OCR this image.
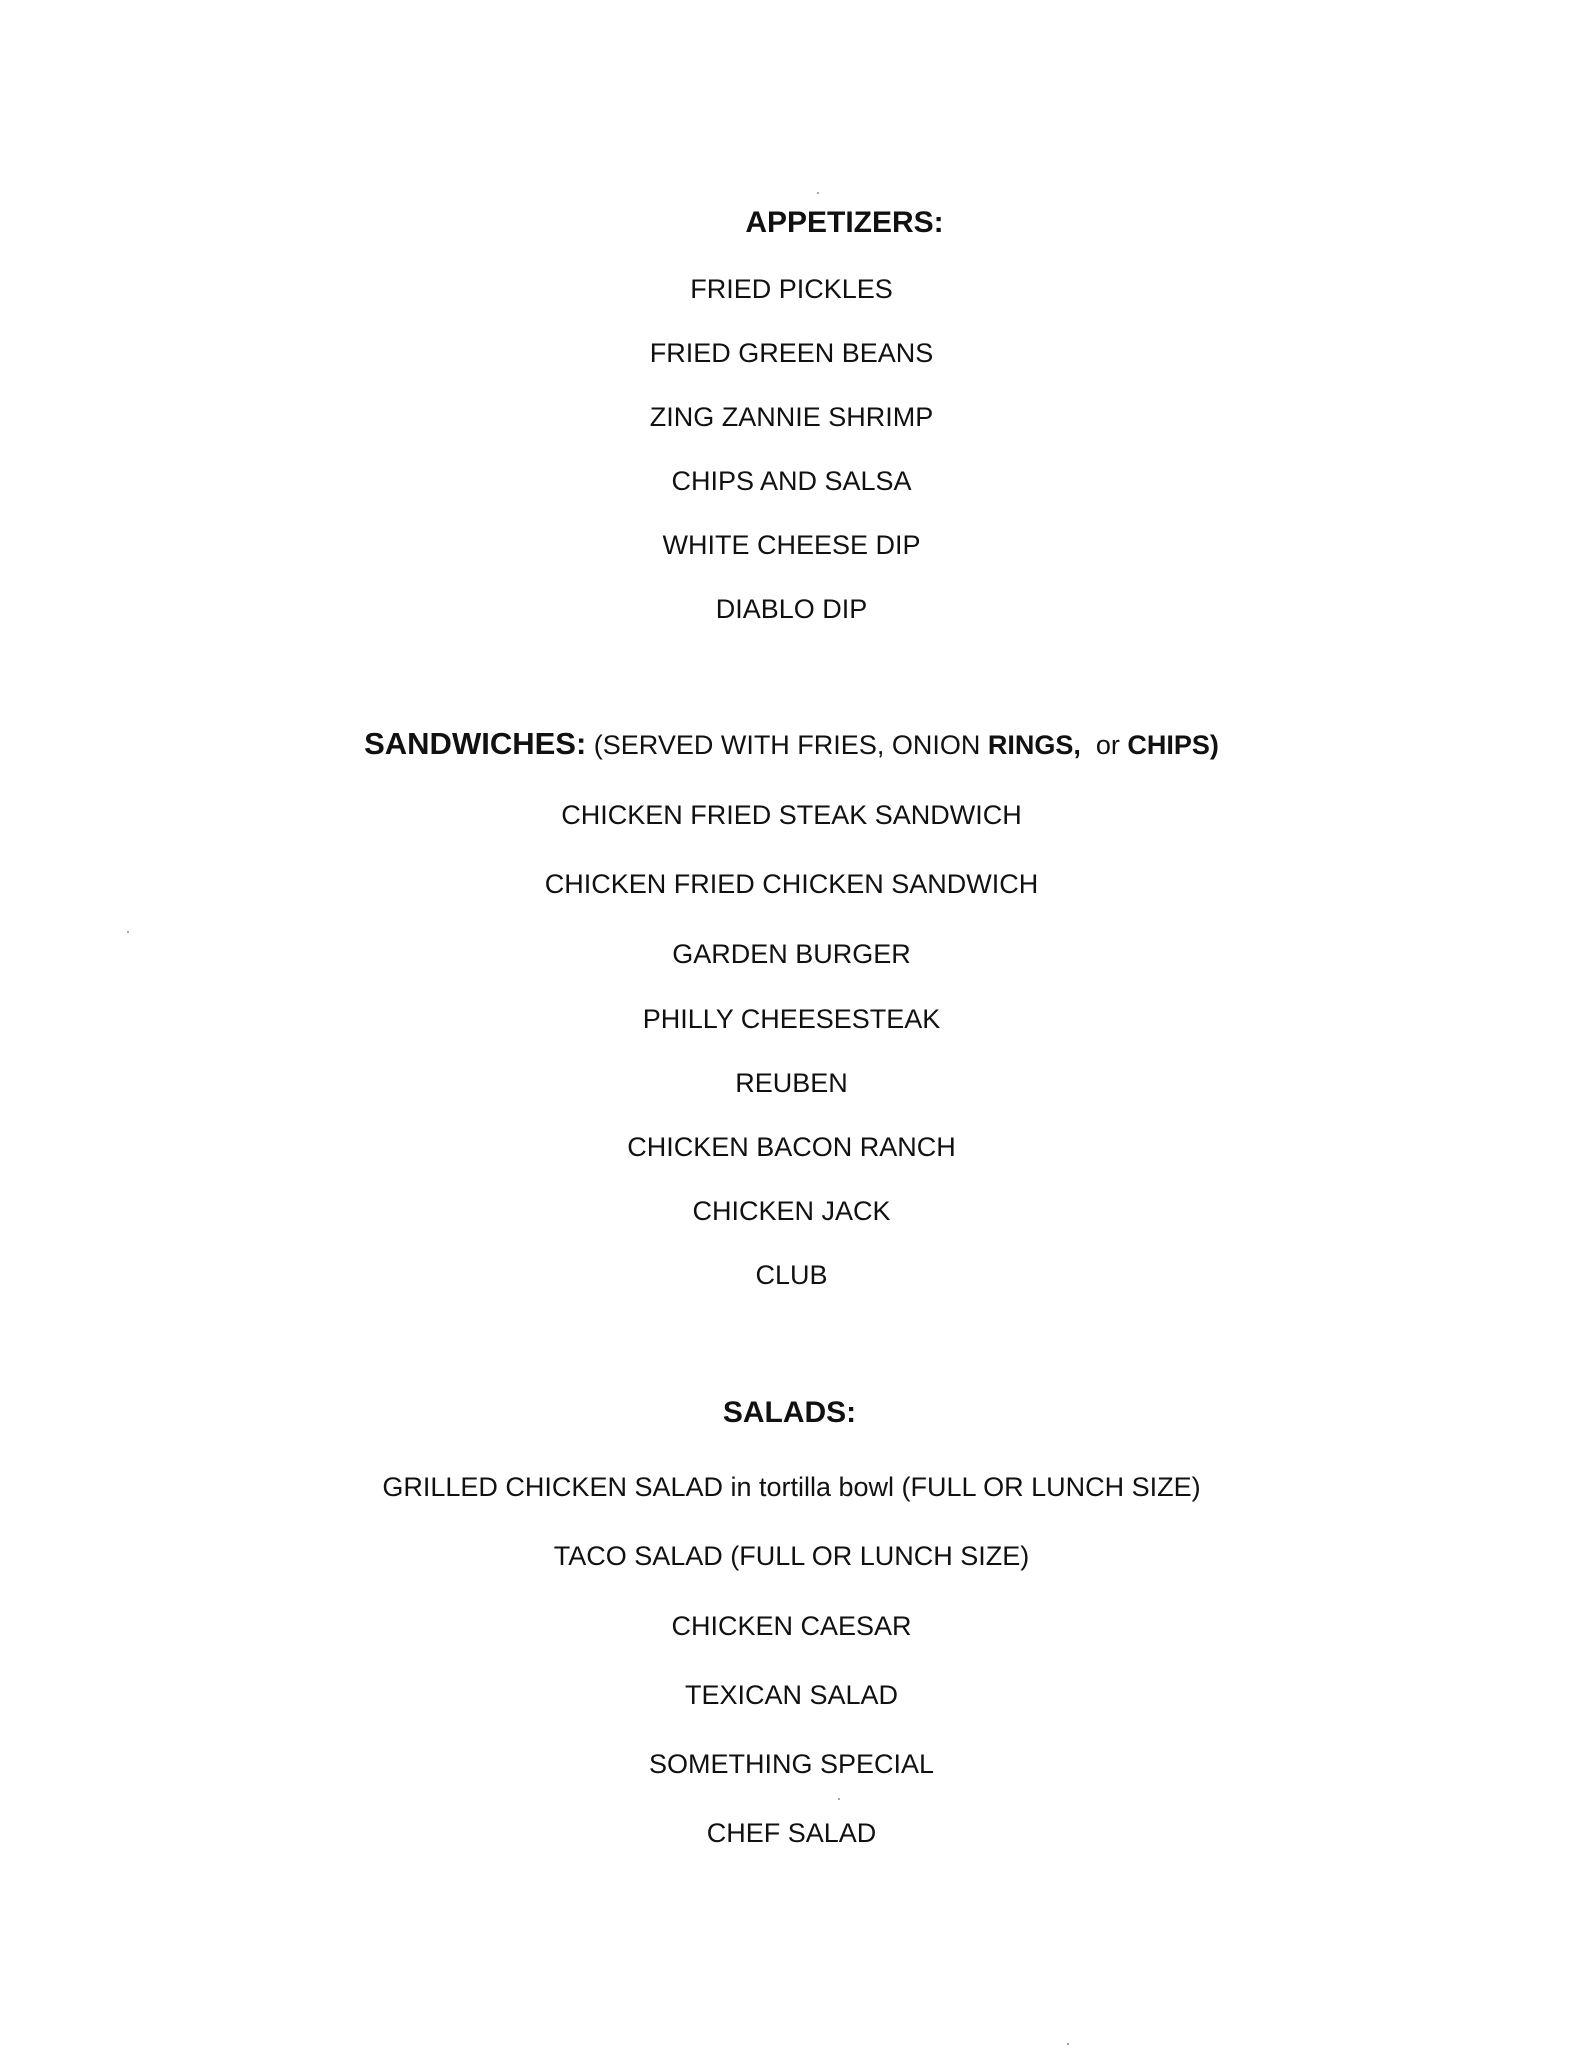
APPETIZERS:
FRIED PICKLES
FRIED GREEN BEANS
ZING ZANNIE SHRIMP
CHIPS AND SALSA
WHITE CHEESE DIP
DIABLO DIP
SANDWICHES: (SERVED WITH FRIES, ONION RINGS,  or CHIPS)
CHICKEN FRIED STEAK SANDWICH
CHICKEN FRIED CHICKEN SANDWICH
GARDEN BURGER
PHILLY CHEESESTEAK
REUBEN
CHICKEN BACON RANCH
CHICKEN JACK
CLUB
SALADS:
GRILLED CHICKEN SALAD in tortilla bowl (FULL OR LUNCH SIZE)
TACO SALAD (FULL OR LUNCH SIZE)
CHICKEN CAESAR
TEXICAN SALAD
SOMETHING SPECIAL
CHEF SALAD
